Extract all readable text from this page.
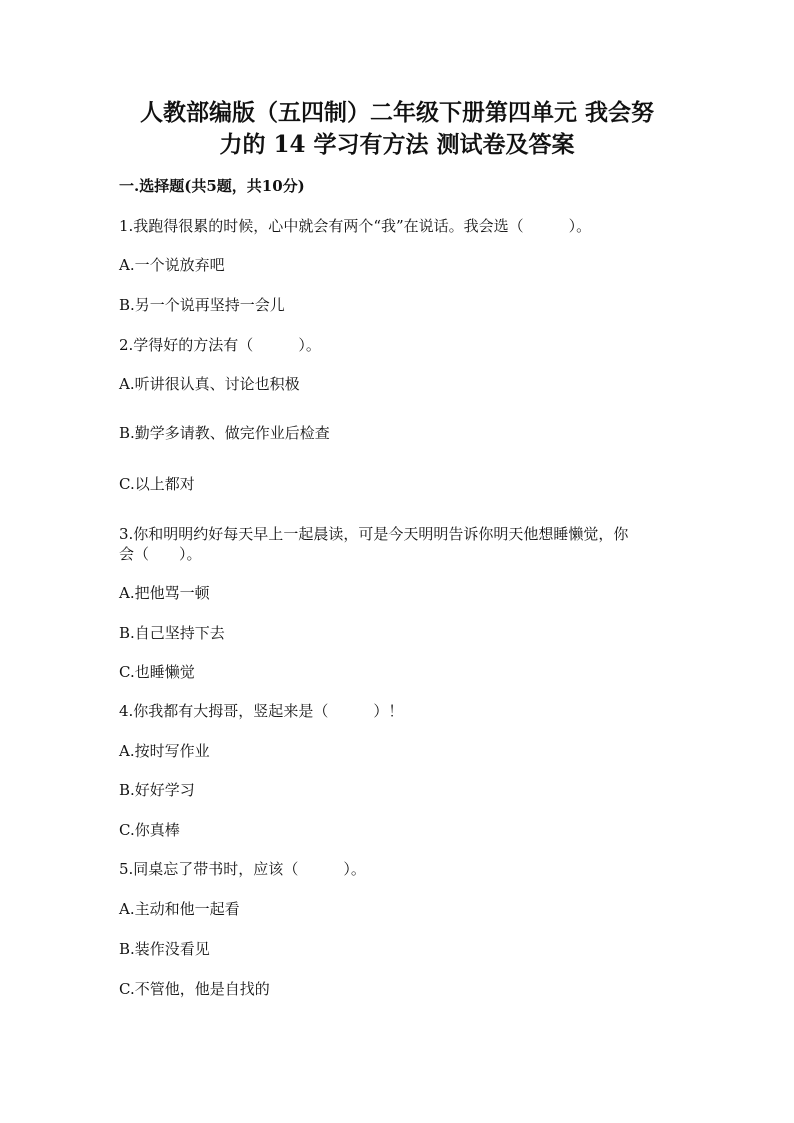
人教部编版（五四制）二年级下册第四单元 我会努
力的 14 学习有方法 测试卷及答案
一.选择题(共5题，共10分)
1.我跑得很累的时候，心中就会有两个“我”在说话。我会选（　　　）。
A.一个说放弃吧
B.另一个说再坚持一会儿
2.学得好的方法有（　　　）。
A.听讲很认真、讨论也积极
B.勤学多请教、做完作业后检查
C.以上都对
3.你和明明约好每天早上一起晨读，可是今天明明告诉你明天他想睡懒觉，你
会（　　）。
A.把他骂一顿
B.自己坚持下去
C.也睡懒觉
4.你我都有大拇哥，竖起来是（　　　）！
A.按时写作业
B.好好学习
C.你真棒
5.同桌忘了带书时，应该（　　　）。
A.主动和他一起看
B.装作没看见
C.不管他，他是自找的
